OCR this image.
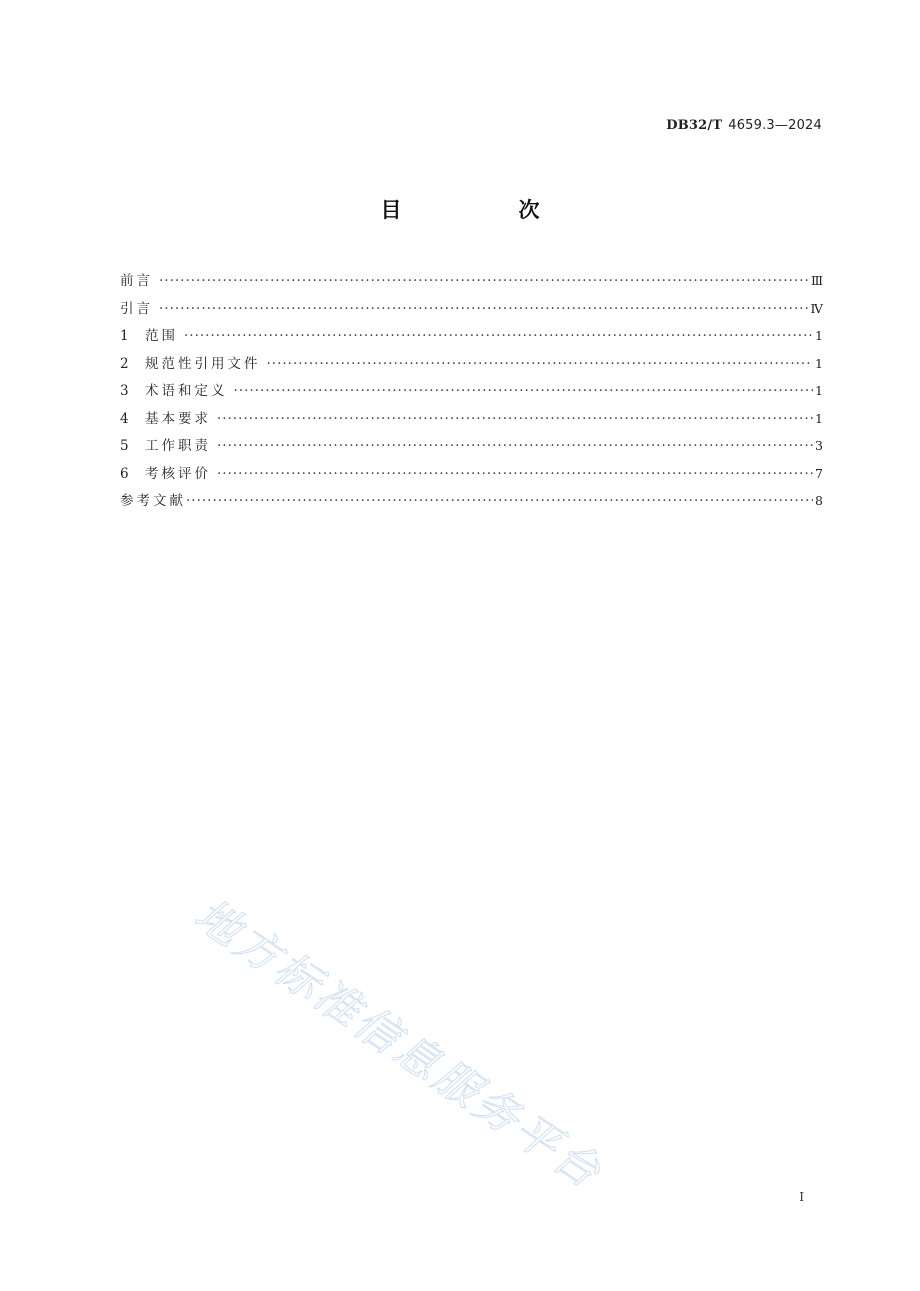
DB32/T 4659.3—2024
目　次
前言 ·····	Ⅲ
引言 ·····	Ⅳ
1	范围 ·····	1
2	规范性引用文件 ·····	1
3	术语和定义 ·····	1
4	基本要求 ·····	1
5	工作职责 ·····	3
6	考核评价 ·····	7
参考文献 ·····	8
地方标准信息服务平台	I
